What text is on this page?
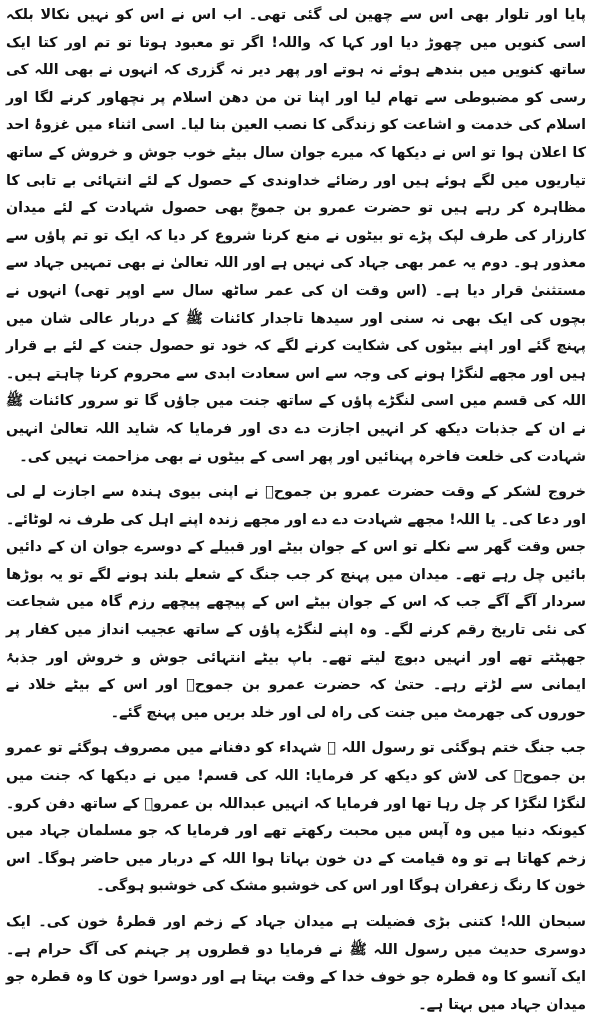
پایا اور تلوار بھی اس سے چھین لی گئی تھی۔ اب اس نے اس کو نہیں نکالا بلکہ اسی کنویں میں چھوڑ دیا اور کہا کہ واللہ! اگر تو معبود ہوتا تو تم اور کتا ایک ساتھ کنویں میں بندھے ہوئے نہ ہوتے اور پھر دیر نہ گزری کہ انہوں نے بھی اللہ کی رسی کو مضبوطی سے تھام لیا اور اپنا تن من دھن اسلام پر نچھاور کرنے لگا اور اسلام کی خدمت و اشاعت کو زندگی کا نصب العین بنا لیا۔ اسی اثناء میں غزوۂ احد کا اعلان ہوا تو اس نے دیکھا کہ میرے جوان سال بیٹے خوب جوش و خروش کے ساتھ تیاریوں میں لگے ہوئے ہیں اور رضائے خداوندی کے حصول کے لئے انتہائی بے تابی کا مظاہرہ کر رہے ہیں تو حضرت عمرو بن جموحؓ بھی حصول شہادت کے لئے میدان کارزار کی طرف لپک پڑے تو بیٹوں نے منع کرنا شروع کر دیا کہ ایک تو تم پاؤں سے معذور ہو۔ دوم یہ عمر بھی جہاد کی نہیں ہے اور اللہ تعالیٰ نے بھی تمہیں جہاد سے مستثنیٰ قرار دیا ہے۔ (اس وقت ان کی عمر ساٹھ سال سے اوپر تھی) انہوں نے بچوں کی ایک بھی نہ سنی اور سیدھا تاجدار کائنات ﷺ کے دربار عالی شان میں پہنچ گئے اور اپنے بیٹوں کی شکایت کرنے لگے کہ خود تو حصول جنت کے لئے بے قرار ہیں اور مجھے لنگڑا ہونے کی وجہ سے اس سعادت ابدی سے محروم کرنا چاہتے ہیں۔ اللہ کی قسم میں اسی لنگڑے پاؤں کے ساتھ جنت میں جاؤں گا تو سرور کائنات ﷺ نے ان کے جذبات دیکھ کر انہیں اجازت دے دی اور فرمایا کہ شاید اللہ تعالیٰ انہیں شہادت کی خلعت فاخرہ پہنائیں اور پھر اسی کے بیٹوں نے بھی مزاحمت نہیں کی۔

خروج لشکر کے وقت حضرت عمرو بن جموحؓ نے اپنی بیوی ہندہ سے اجازت لے لی اور دعا کی۔ یا اللہ! مجھے شہادت دے دے اور مجھے زندہ اپنے اہل کی طرف نہ لوٹائے۔ جس وقت گھر سے نکلے تو اس کے جوان بیٹے اور قبیلے کے دوسرے جوان ان کے دائیں بائیں چل رہے تھے۔ میدان میں پہنچ کر جب جنگ کے شعلے بلند ہونے لگے تو یہ بوڑھا سردار آگے آگے جب کہ اس کے جوان بیٹے اس کے پیچھے پیچھے رزم گاہ میں شجاعت کی نئی تاریخ رقم کرنے لگے۔ وہ اپنے لنگڑے پاؤں کے ساتھ عجیب انداز میں کفار پر جھپٹتے تھے اور انہیں دبوچ لیتے تھے۔ باپ بیٹے انتہائی جوش و خروش اور جذبۂ ایمانی سے لڑتے رہے۔ حتیٰ کہ حضرت عمرو بن جموحؓ اور اس کے بیٹے خلاد نے حوروں کی جھرمٹ میں جنت کی راہ لی اور خلد بریں میں پہنچ گئے۔

جب جنگ ختم ہوگئی تو رسول اللہ ﷺ شہداء کو دفنانے میں مصروف ہوگئے تو عمرو بن جموحؓ کی لاش کو دیکھ کر فرمایا: اللہ کی قسم! میں نے دیکھا کہ جنت میں لنگڑا لنگڑا کر چل رہا تھا اور فرمایا کہ انہیں عبداللہ بن عمروؓ کے ساتھ دفن کرو۔ کیونکہ دنیا میں وہ آپس میں محبت رکھتے تھے اور فرمایا کہ جو مسلمان جہاد میں زخم کھاتا ہے تو وہ قیامت کے دن خون بہاتا ہوا اللہ کے دربار میں حاضر ہوگا۔ اس خون کا رنگ زعفران ہوگا اور اس کی خوشبو مشک کی خوشبو ہوگی۔

سبحان اللہ! کتنی بڑی فضیلت ہے میدان جہاد کے زخم اور قطرۂ خون کی۔ ایک دوسری حدیث میں رسول اللہ ﷺ نے فرمایا دو قطروں پر جہنم کی آگ حرام ہے۔ ایک آنسو کا وہ قطرہ جو خوف خدا کے وقت بہتا ہے اور دوسرا خون کا وہ قطرہ جو میدان جہاد میں بہتا ہے۔
